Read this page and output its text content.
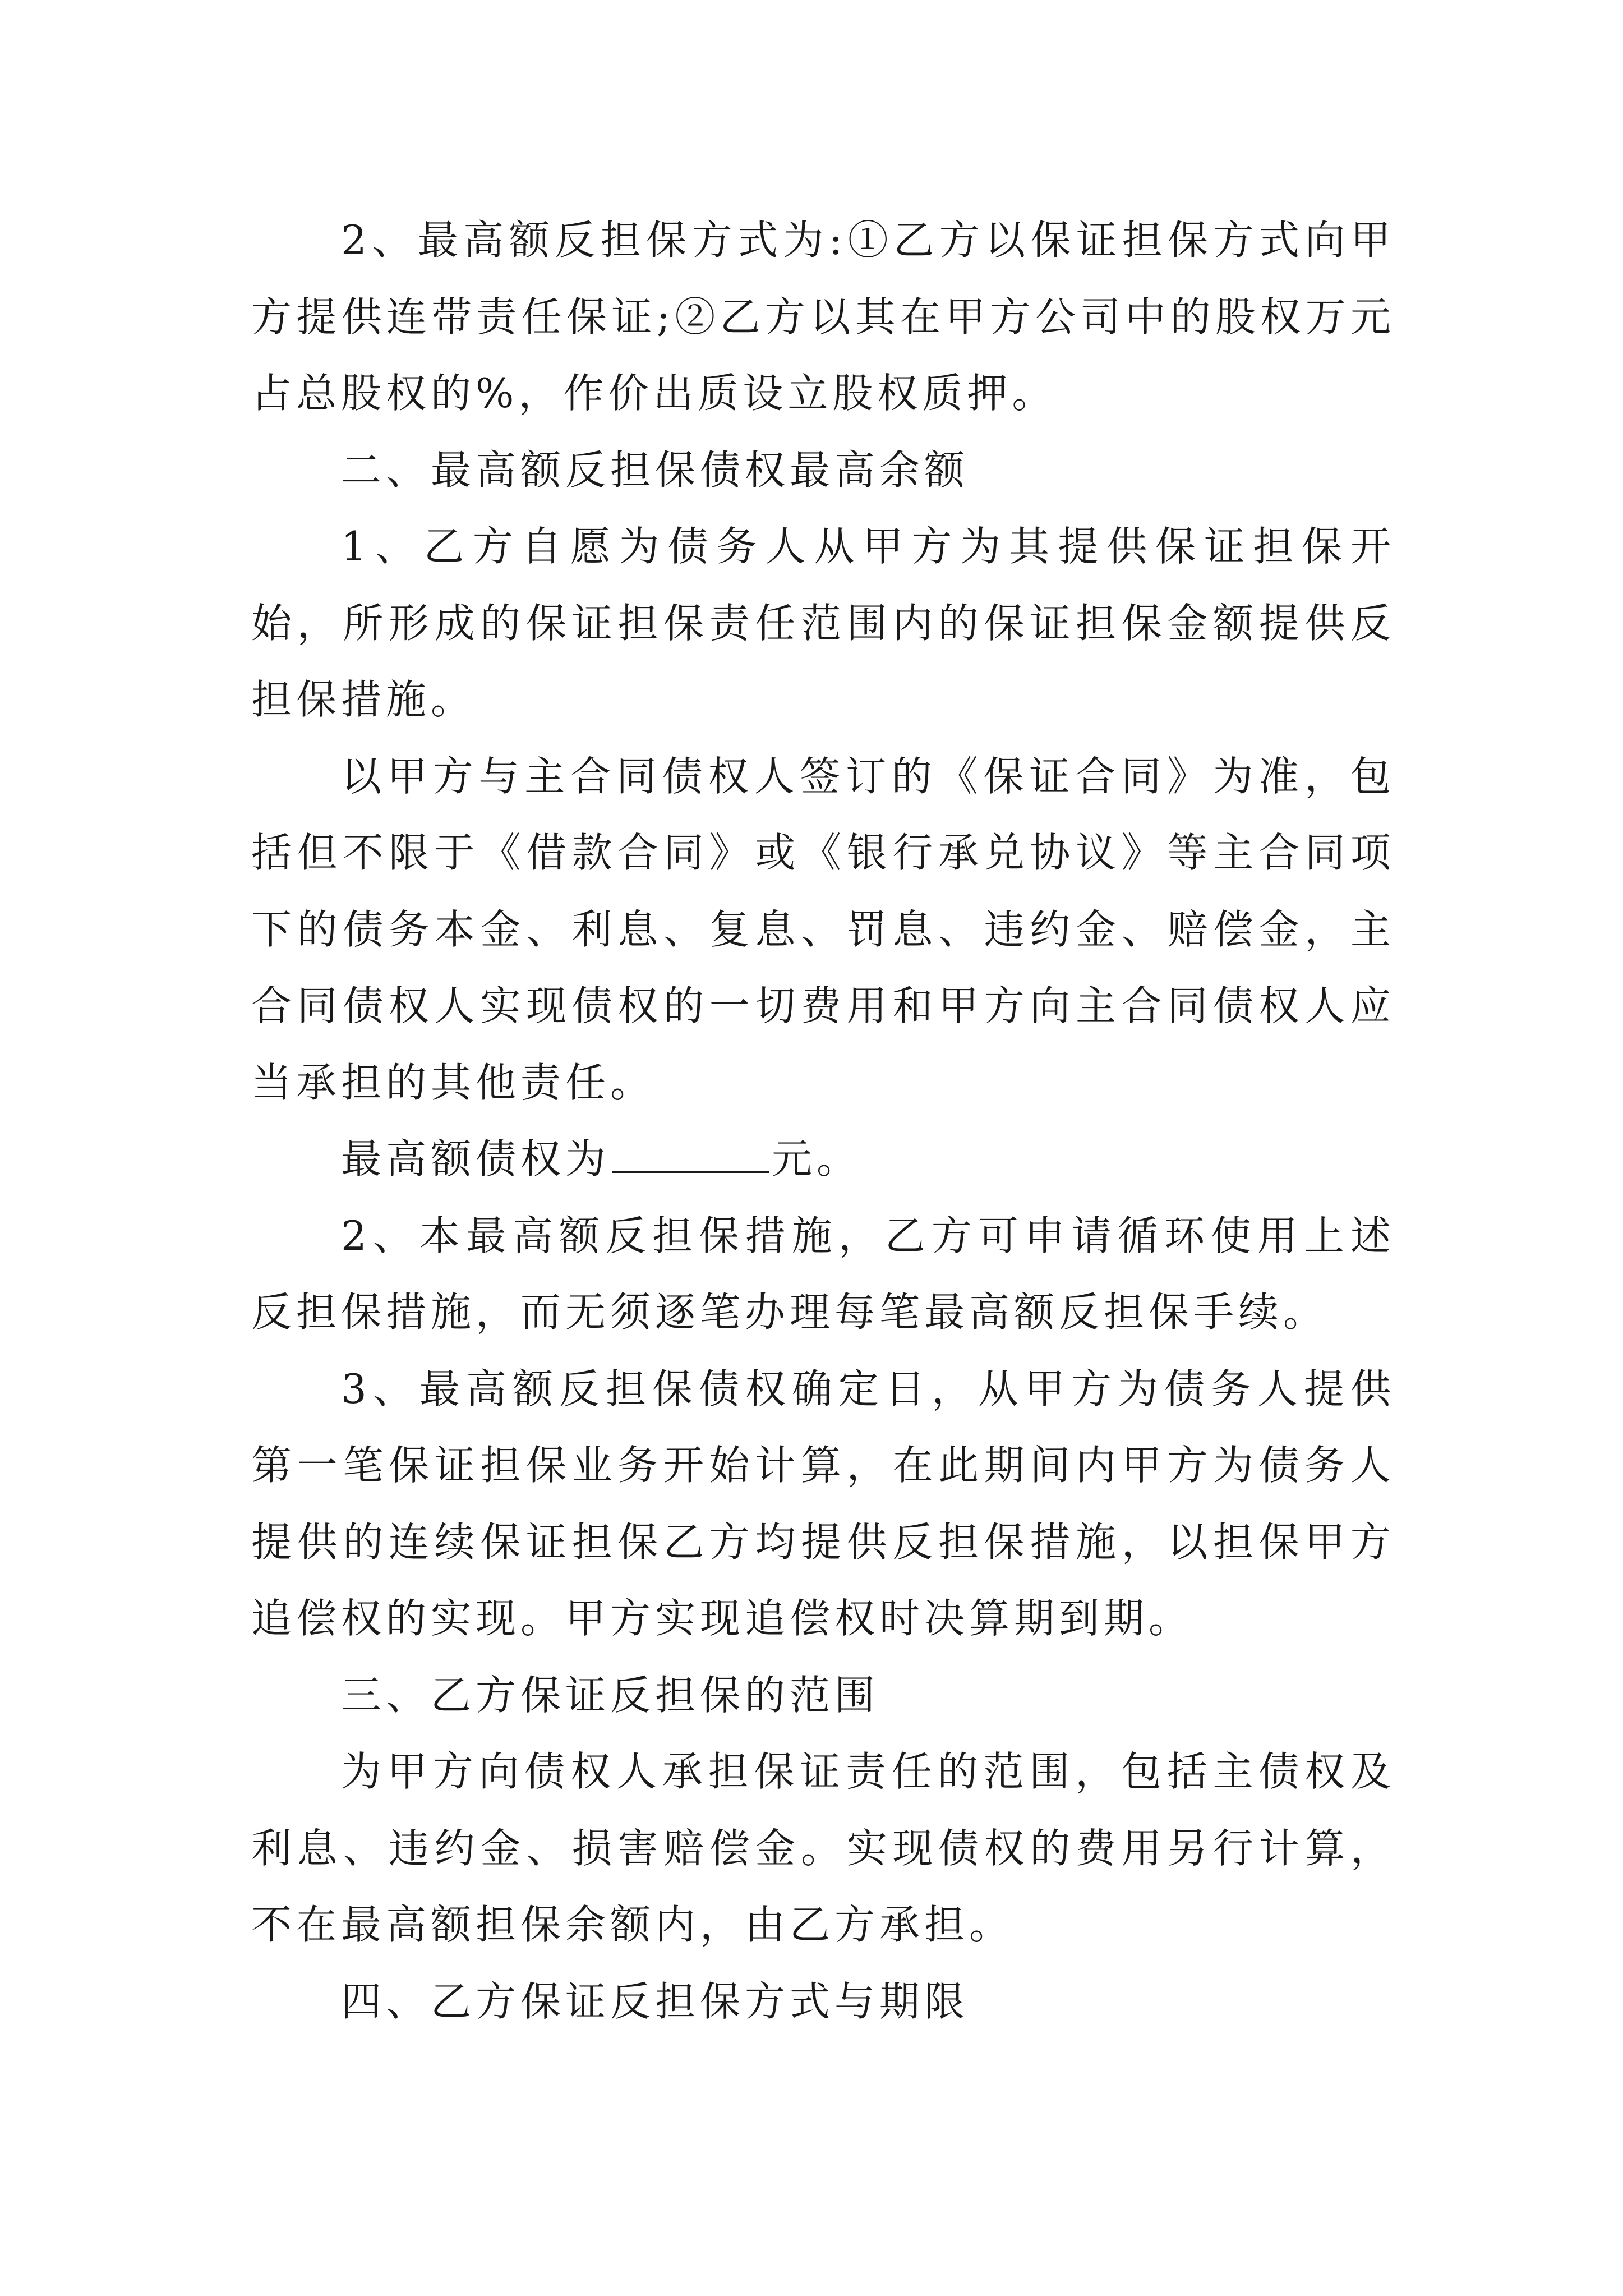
2、最高额反担保方式为:①乙方以保证担保方式向甲方提供连带责任保证;②乙方以其在甲方公司中的股权万元占总股权的%，作价出质设立股权质押。

二、最高额反担保债权最高余额

1、乙方自愿为债务人从甲方为其提供保证担保开始，所形成的保证担保责任范围内的保证担保金额提供反担保措施。

以甲方与主合同债权人签订的《保证合同》为准，包括但不限于《借款合同》或《银行承兑协议》等主合同项下的债务本金、利息、复息、罚息、违约金、赔偿金，主合同债权人实现债权的一切费用和甲方向主合同债权人应当承担的其他责任。

最高额债权为	元。

2、本最高额反担保措施，乙方可申请循环使用上述反担保措施，而无须逐笔办理每笔最高额反担保手续。

3、最高额反担保债权确定日，从甲方为债务人提供第一笔保证担保业务开始计算，在此期间内甲方为债务人提供的连续保证担保乙方均提供反担保措施，以担保甲方追偿权的实现。甲方实现追偿权时决算期到期。

三、乙方保证反担保的范围

为甲方向债权人承担保证责任的范围，包括主债权及利息、违约金、损害赔偿金。实现债权的费用另行计算，不在最高额担保余额内，由乙方承担。

四、乙方保证反担保方式与期限
